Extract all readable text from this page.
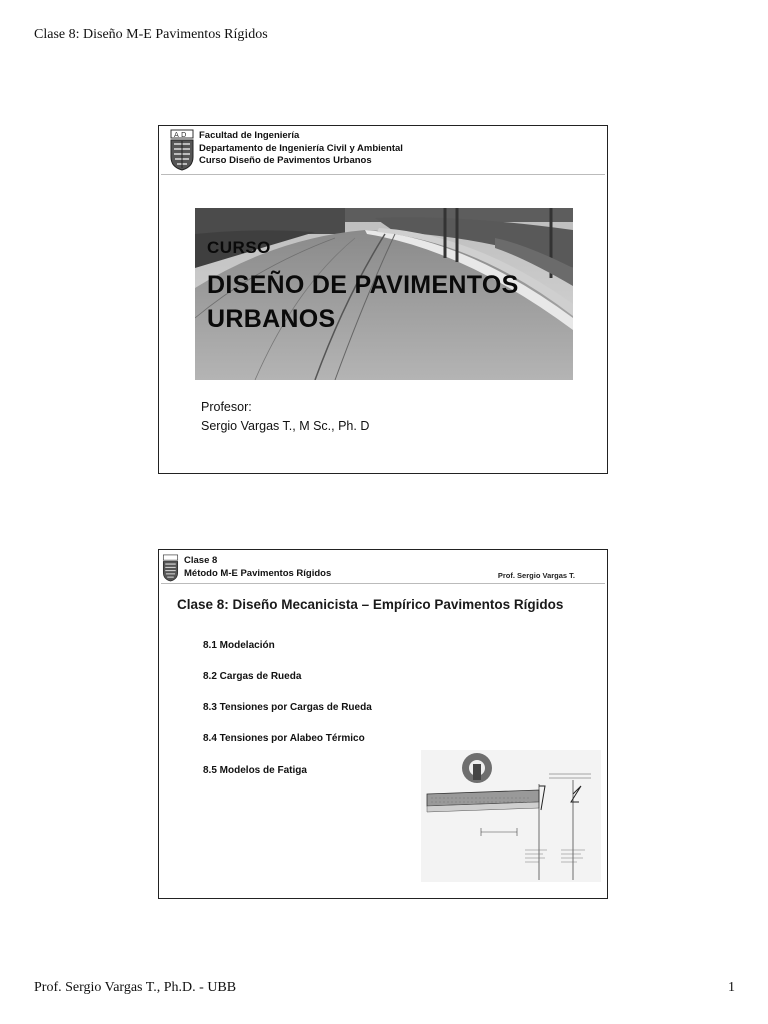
Clase 8: Diseño M-E Pavimentos Rígidos
A D Facultad de Ingeniería
Departamento de Ingeniería Civil y Ambiental
Curso Diseño de Pavimentos Urbanos
CURSO
DISEÑO DE PAVIMENTOS
URBANOS
Profesor:
Sergio Vargas T., M Sc., Ph. D
Clase 8
Método M-E Pavimentos Rígidos	Prof. Sergio Vargas T.
Clase 8: Diseño Mecanicista – Empírico Pavimentos Rígidos
8.1 Modelación
8.2 Cargas de Rueda
8.3 Tensiones por Cargas de Rueda
8.4 Tensiones por Alabeo Térmico
8.5 Modelos de Fatiga
Prof. Sergio Vargas T., Ph.D. - UBB	1
